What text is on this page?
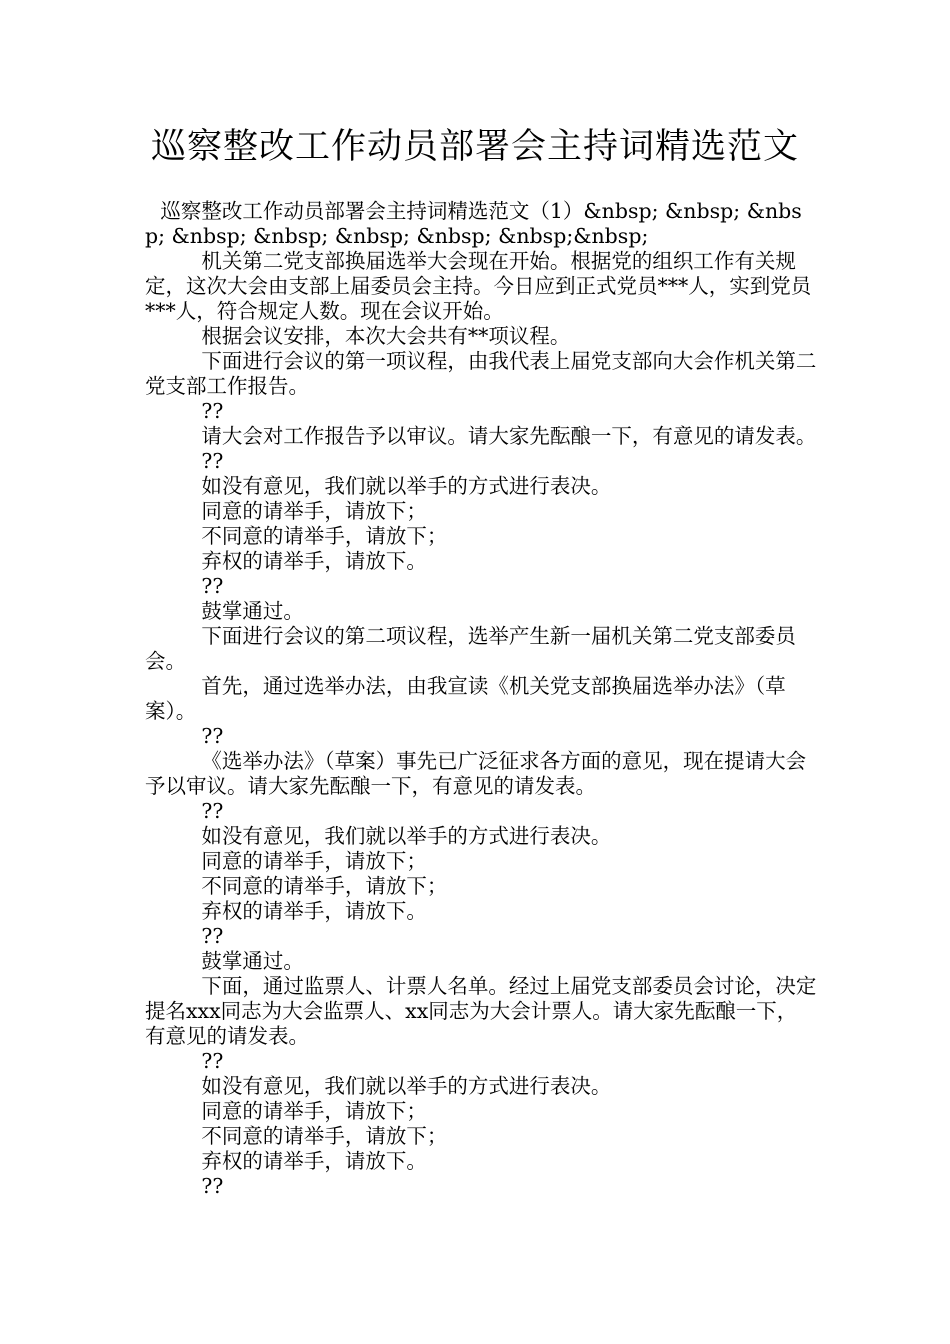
巡察整改工作动员部署会主持词精选范文

巡察整改工作动员部署会主持词精选范文（1）&nbsp; &nbsp; &nbsp; &nbsp; &nbsp; &nbsp; &nbsp; &nbsp;&nbsp;

机关第二党支部换届选举大会现在开始。根据党的组织工作有关规定，这次大会由支部上届委员会主持。今日应到正式党员***人，实到党员***人，符合规定人数。现在会议开始。

根据会议安排，本次大会共有**项议程。

下面进行会议的第一项议程，由我代表上届党支部向大会作机关第二党支部工作报告。

??

请大会对工作报告予以审议。请大家先酝酿一下，有意见的请发表。

??

如没有意见，我们就以举手的方式进行表决。

同意的请举手，请放下；

不同意的请举手，请放下；

弃权的请举手，请放下。

??

鼓掌通过。

下面进行会议的第二项议程，选举产生新一届机关第二党支部委员会。

首先，通过选举办法，由我宣读《机关党支部换届选举办法》（草案）。

??

《选举办法》（草案）事先已广泛征求各方面的意见，现在提请大会予以审议。请大家先酝酿一下，有意见的请发表。

??

如没有意见，我们就以举手的方式进行表决。

同意的请举手，请放下；

不同意的请举手，请放下；

弃权的请举手，请放下。

??

鼓掌通过。

下面，通过监票人、计票人名单。经过上届党支部委员会讨论，决定提名xxx同志为大会监票人、xx同志为大会计票人。请大家先酝酿一下，有意见的请发表。

??

如没有意见，我们就以举手的方式进行表决。

同意的请举手，请放下；

不同意的请举手，请放下；

弃权的请举手，请放下。

??
